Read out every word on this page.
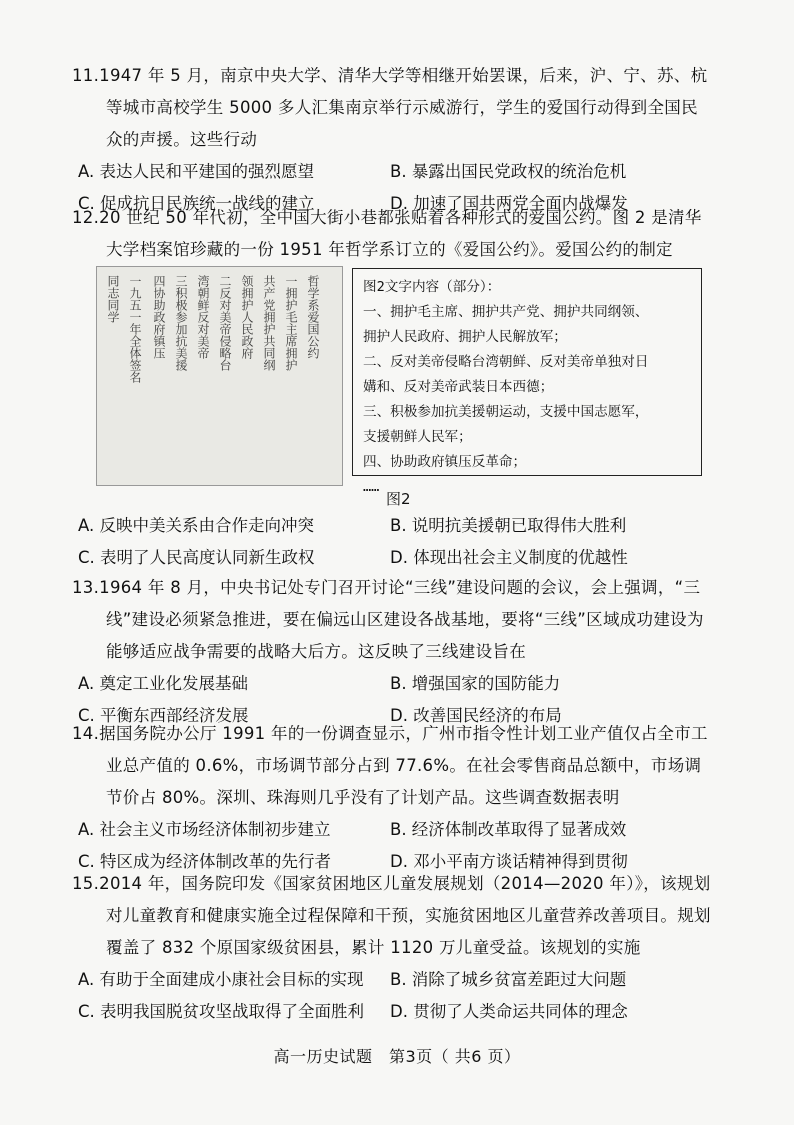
11.1947 年 5 月，南京中央大学、清华大学等相继开始罢课，后来，沪、宁、苏、杭等城市高校学生 5000 多人汇集南京举行示威游行，学生的爱国行动得到全国民众的声援。这些行动

A. 表达人民和平建国的强烈愿望	B. 暴露出国民党政权的统治危机
C. 促成抗日民族统一战线的建立	D. 加速了国共两党全面内战爆发

12.20 世纪 50 年代初，全中国大街小巷都张贴着各种形式的爱国公约。图 2 是清华大学档案馆珍藏的一份 1951 年哲学系订立的《爱国公约》。爱国公约的制定

哲学系爱国公约
一拥护毛主席拥护
共产党拥护共同纲
领拥护人民政府
二反对美帝侵略台
湾朝鲜反对美帝
三积极参加抗美援
四协助政府镇压
一九五一年全体签名
同志同学	图2文字内容（部分）：
一、拥护毛主席、拥护共产党、拥护共同纲领、
拥护人民政府、拥护人民解放军；
二、反对美帝侵略台湾朝鲜、反对美帝单独对日
媾和、反对美帝武装日本西德；
三、积极参加抗美援朝运动，支援中国志愿军，
支援朝鲜人民军；
四、协助政府镇压反革命；
……
图2
A. 反映中美关系由合作走向冲突	B. 说明抗美援朝已取得伟大胜利
C. 表明了人民高度认同新生政权	D. 体现出社会主义制度的优越性

13.1964 年 8 月，中央书记处专门召开讨论“三线”建设问题的会议，会上强调，“三线”建设必须紧急推进，要在偏远山区建设各战基地，要将“三线”区域成功建设为能够适应战争需要的战略大后方。这反映了三线建设旨在

A. 奠定工业化发展基础	B. 增强国家的国防能力
C. 平衡东西部经济发展	D. 改善国民经济的布局

14.据国务院办公厅 1991 年的一份调查显示，广州市指令性计划工业产值仅占全市工业总产值的 0.6%，市场调节部分占到 77.6%。在社会零售商品总额中，市场调节价占 80%。深圳、珠海则几乎没有了计划产品。这些调查数据表明

A. 社会主义市场经济体制初步建立	B. 经济体制改革取得了显著成效
C. 特区成为经济体制改革的先行者	D. 邓小平南方谈话精神得到贯彻

15.2014 年，国务院印发《国家贫困地区儿童发展规划（2014—2020 年）》，该规划对儿童教育和健康实施全过程保障和干预，实施贫困地区儿童营养改善项目。规划覆盖了 832 个原国家级贫困县，累计 1120 万儿童受益。该规划的实施

A. 有助于全面建成小康社会目标的实现	B. 消除了城乡贫富差距过大问题
C. 表明我国脱贫攻坚战取得了全面胜利	D. 贯彻了人类命运共同体的理念
高一历史试题　第3页（ 共6 页）
